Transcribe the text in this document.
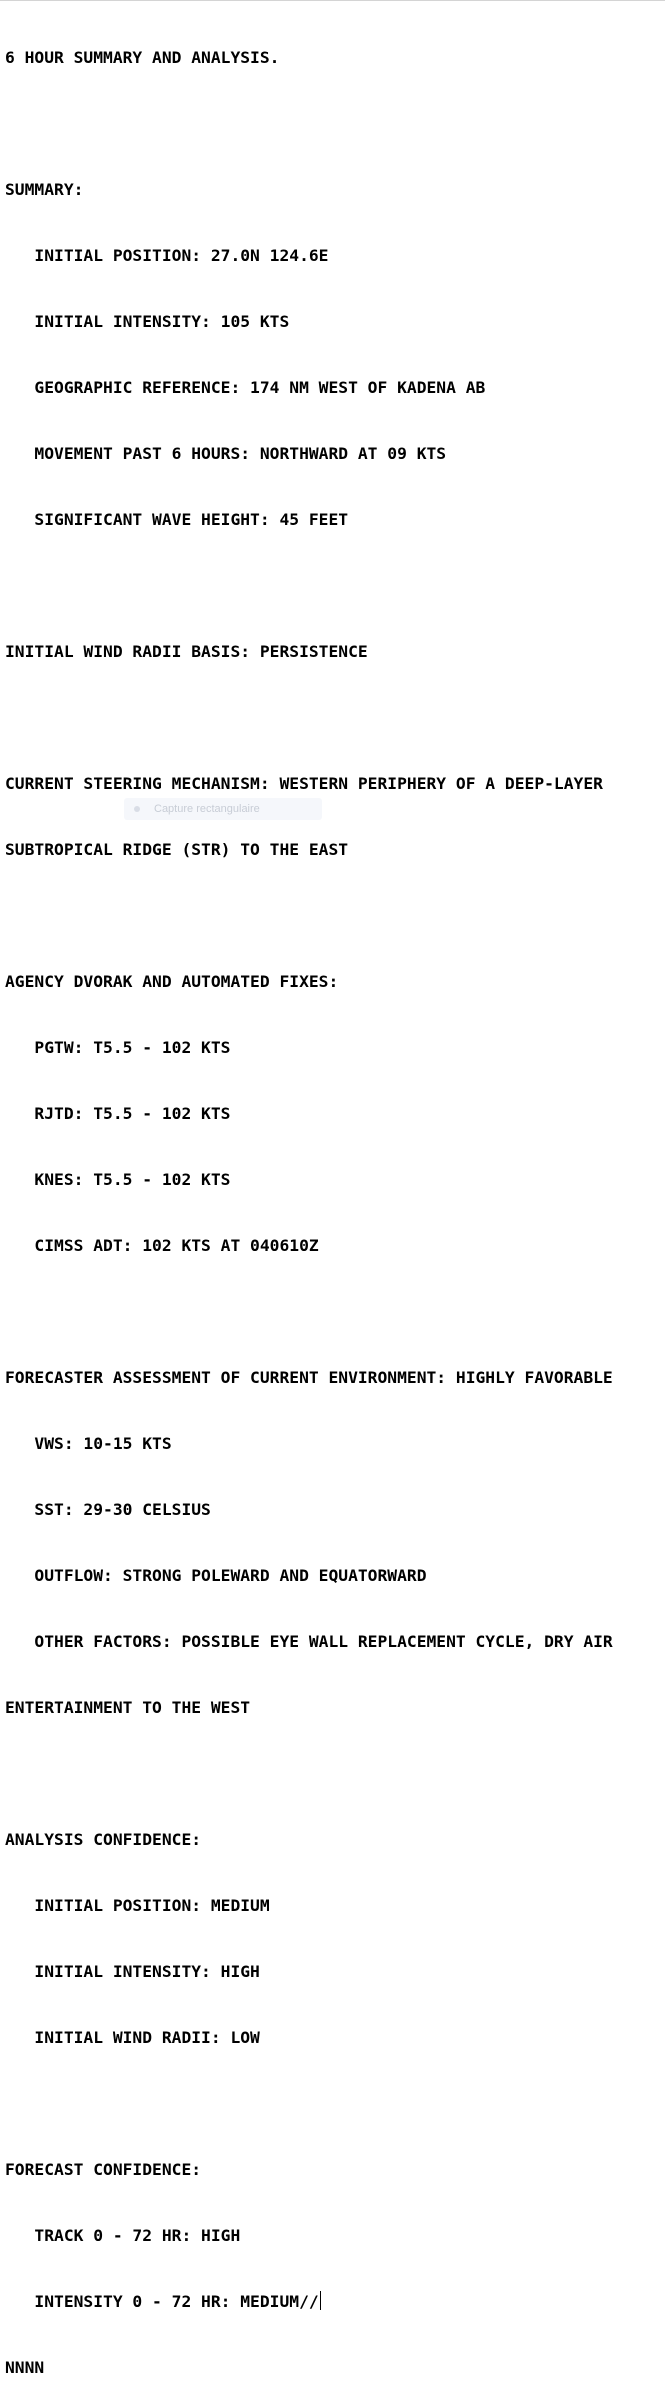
6 HOUR SUMMARY AND ANALYSIS.

SUMMARY:

INITIAL POSITION: 27.0N 124.6E

INITIAL INTENSITY: 105 KTS

GEOGRAPHIC REFERENCE: 174 NM WEST OF KADENA AB

MOVEMENT PAST 6 HOURS: NORTHWARD AT 09 KTS

SIGNIFICANT WAVE HEIGHT: 45 FEET

INITIAL WIND RADII BASIS: PERSISTENCE

CURRENT STEERING MECHANISM: WESTERN PERIPHERY OF A DEEP-LAYER

SUBTROPICAL RIDGE (STR) TO THE EAST

AGENCY DVORAK AND AUTOMATED FIXES:

PGTW: T5.5 - 102 KTS

RJTD: T5.5 - 102 KTS

KNES: T5.5 - 102 KTS

CIMSS ADT: 102 KTS AT 040610Z

FORECASTER ASSESSMENT OF CURRENT ENVIRONMENT: HIGHLY FAVORABLE

VWS: 10-15 KTS

SST: 29-30 CELSIUS

OUTFLOW: STRONG POLEWARD AND EQUATORWARD

OTHER FACTORS: POSSIBLE EYE WALL REPLACEMENT CYCLE, DRY AIR

ENTERTAINMENT TO THE WEST

ANALYSIS CONFIDENCE:

INITIAL POSITION: MEDIUM

INITIAL INTENSITY: HIGH

INITIAL WIND RADII: LOW

FORECAST CONFIDENCE:

TRACK 0 - 72 HR: HIGH

INTENSITY 0 - 72 HR: MEDIUM//

NNNN

Capture rectangulaire
